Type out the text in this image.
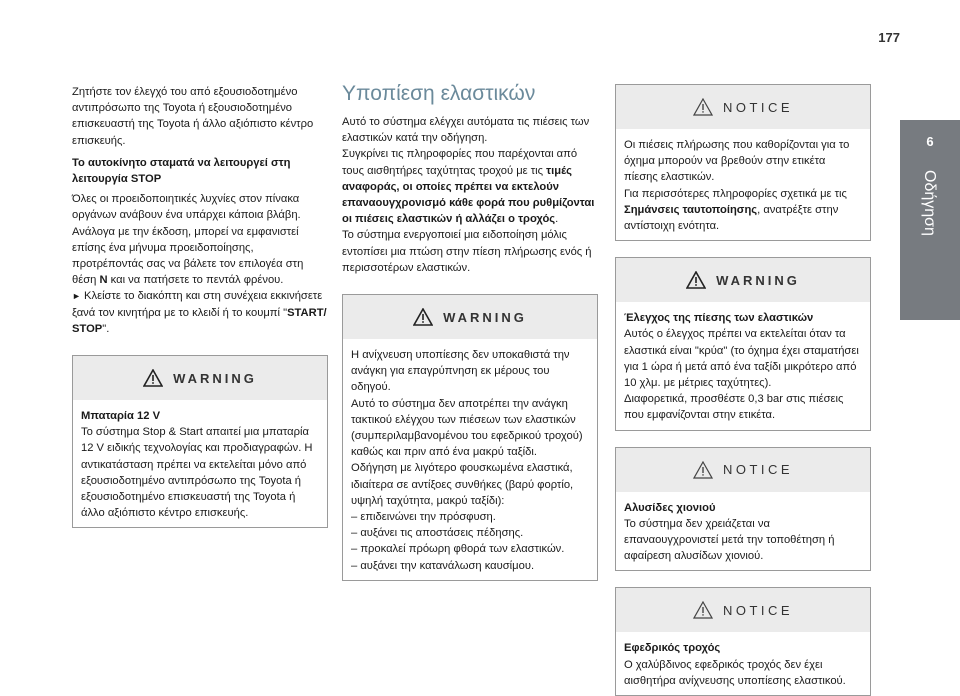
177
6
Οδήγηση

Ζητήστε τον έλεγχό του από εξουσιοδοτημένο αντιπρόσωπο της Toyota ή εξουσιοδοτημένο επισκευαστή της Toyota ή άλλο αξιόπιστο κέντρο επισκευής.

Το αυτοκίνητο σταματά να λειτουργεί στη λειτουργία STOP

Όλες οι προειδοποιητικές λυχνίες στον πίνακα οργάνων ανάβουν ένα υπάρχει κάποια βλάβη.

Ανάλογα με την έκδοση, μπορεί να εμφανιστεί επίσης ένα μήνυμα προειδοποίησης, προτρέποντάς σας να βάλετε τον επιλογέα στη θέση N και να πατήσετε το πεντάλ φρένου.

► Κλείστε το διακόπτη και στη συνέχεια εκκινήσετε ξανά τον κινητήρα με το κλειδί ή το κουμπί "START/ STOP".

WARNING

Μπαταρία 12 V

Το σύστημα Stop & Start απαιτεί μια μπαταρία 12 V ειδικής τεχνολογίας και προδιαγραφών. Η αντικατάσταση πρέπει να εκτελείται μόνο από εξουσιοδοτημένο αντιπρόσωπο της Toyota ή εξουσιοδοτημένο επισκευαστή της Toyota ή άλλο αξιόπιστο κέντρο επισκευής.

Υποπίεση ελαστικών

Αυτό το σύστημα ελέγχει αυτόματα τις πιέσεις των ελαστικών κατά την οδήγηση.

Συγκρίνει τις πληροφορίες που παρέχονται από τους αισθητήρες ταχύτητας τροχού με τις τιμές αναφοράς, οι οποίες πρέπει να εκτελούν επαναουγχρονισμό κάθε φορά που ρυθμίζονται οι πιέσεις ελαστικών ή αλλάζει ο τροχός.

Το σύστημα ενεργοποιεί μια ειδοποίηση μόλις εντοπίσει μια πτώση στην πίεση πλήρωσης ενός ή περισσοτέρων ελαστικών.

WARNING

Η ανίχνευση υποπίεσης δεν υποκαθιστά την ανάγκη για επαγρύπνηση εκ μέρους του οδηγού.

Αυτό το σύστημα δεν αποτρέπει την ανάγκη τακτικού ελέγχου των πιέσεων των ελαστικών (συμπεριλαμβανομένου του εφεδρικού τροχού) καθώς και πριν από ένα μακρύ ταξίδι.

Οδήγηση με λιγότερο φουσκωμένα ελαστικά, ιδιαίτερα σε αντίξοες συνθήκες (βαρύ φορτίο, υψηλή ταχύτητα, μακρύ ταξίδι):

– επιδεινώνει την πρόσφυση.

– αυξάνει τις αποστάσεις πέδησης.

– προκαλεί πρόωρη φθορά των ελαστικών.

– αυξάνει την κατανάλωση καυσίμου.

NOTICE

Οι πιέσεις πλήρωσης που καθορίζονται για το όχημα μπορούν να βρεθούν στην ετικέτα πίεσης ελαστικών.

Για περισσότερες πληροφορίες σχετικά με τις Σημάνσεις ταυτοποίησης, ανατρέξτε στην αντίστοιχη ενότητα.

WARNING

Έλεγχος της πίεσης των ελαστικών

Αυτός ο έλεγχος πρέπει να εκτελείται όταν τα ελαστικά είναι "κρύα" (το όχημα έχει σταματήσει για 1 ώρα ή μετά από ένα ταξίδι μικρότερο από 10 χλμ. με μέτριες ταχύτητες).

Διαφορετικά, προσθέστε 0,3 bar στις πιέσεις που εμφανίζονται στην ετικέτα.

NOTICE

Αλυσίδες χιονιού

Το σύστημα δεν χρειάζεται να επαναουγχρονιστεί μετά την τοποθέτηση ή αφαίρεση αλυσίδων χιονιού.

NOTICE

Εφεδρικός τροχός

Ο χαλύβδινος εφεδρικός τροχός δεν έχει αισθητήρα ανίχνευσης υποπίεσης ελαστικού.
